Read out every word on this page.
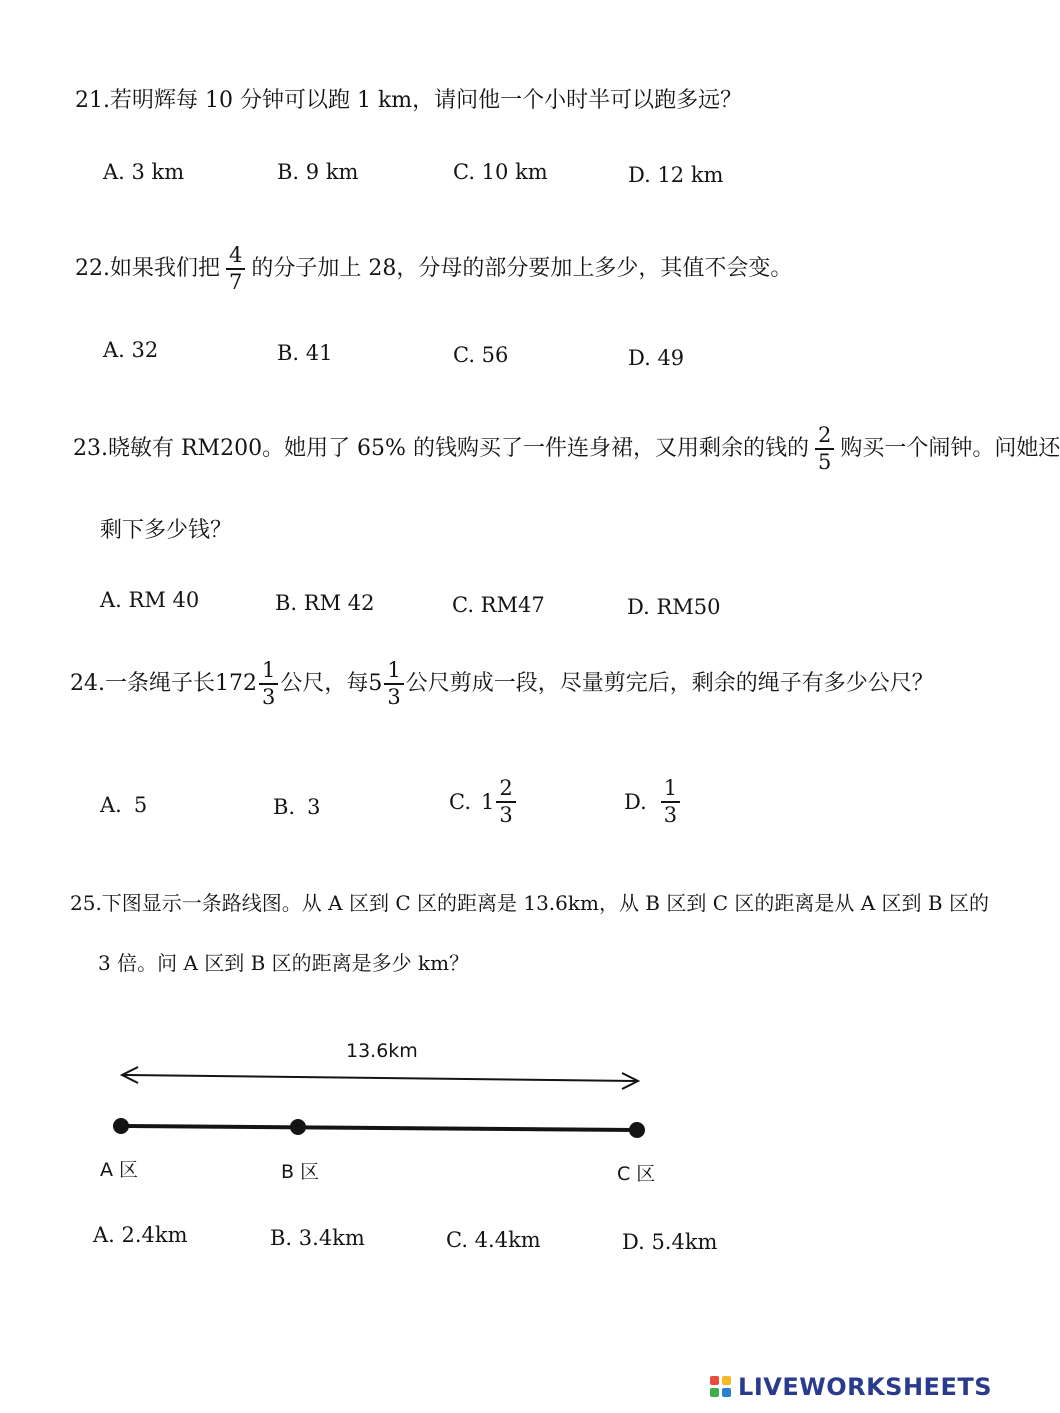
21.若明辉每 10 分钟可以跑 1 km，请问他一个小时半可以跑多远？
A. 3 km	B. 9 km	C. 10 km	D. 12 km
22.如果我们把 $\frac{4}{7}$ 的分子加上 28，分母的部分要加上多少，其值不会变。
A. 32	B. 41	C. 56	D. 49
23.晓敏有 RM200。她用了 65% 的钱购买了一件连身裙，又用剩余的钱的 $\frac{2}{5}$ 购买一个闹钟。问她还
剩下多少钱？
A. RM 40	B. RM 42	C. RM47	D. RM50
24.一条绳子长$172 \frac{1}{3}$ 公尺，每$5 \frac{1}{3}$ 公尺剪成一段，尽量剪完后，剩余的绳子有多少公尺？
A. 5	B. 3	C. $1 \frac{2}{3}$	D. $\frac{1}{3}$
25.下图显示一条路线图。从 A 区到 C 区的距离是 13.6km，从 B 区到 C 区的距离是从 A 区到 B 区的
3 倍。问 A 区到 B 区的距离是多少 km？
13.6km
A 区	B 区	C 区
A. 2.4km	B. 3.4km	C. 4.4km	D. 5.4km
LIVEWORKSHEETS
